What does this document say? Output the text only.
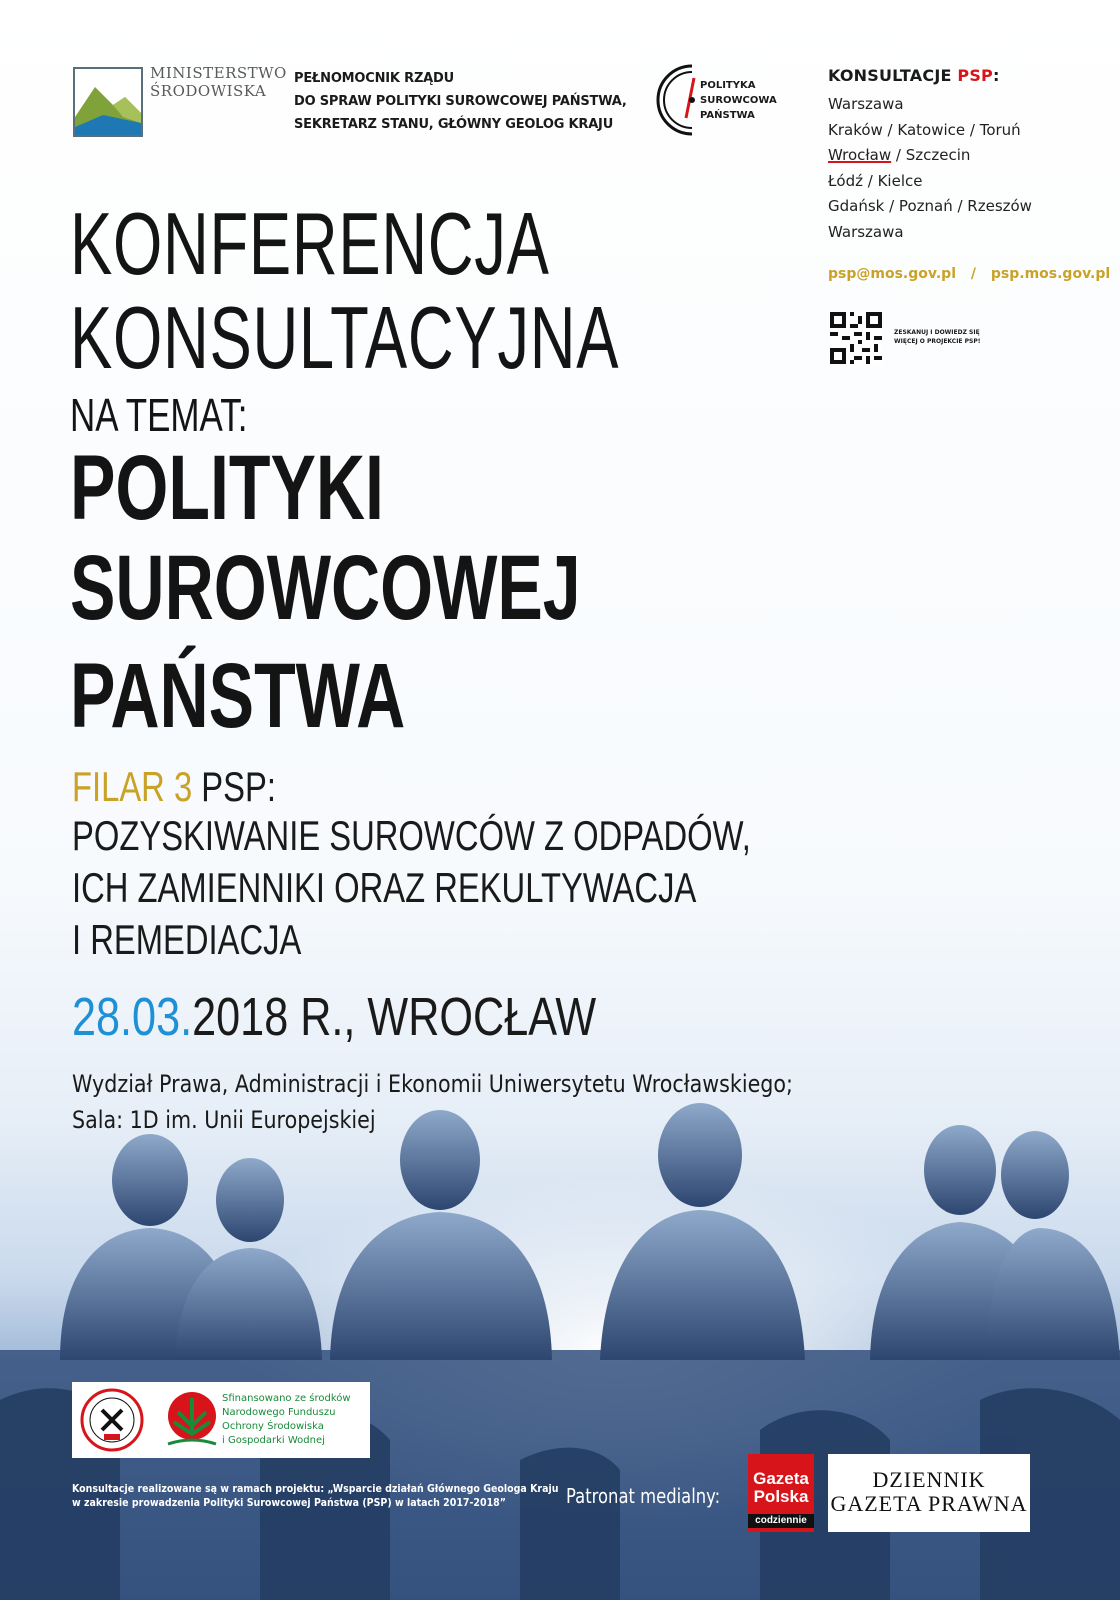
MINISTERSTWO
ŚRODOWISKA
PEŁNOMOCNIK RZĄDU
DO SPRAW POLITYKI SUROWCOWEJ PAŃSTWA,
SEKRETARZ STANU, GŁÓWNY GEOLOG KRAJU
POLITYKA
SUROWCOWA
PAŃSTWA
KONSULTACJE PSP:
Warszawa
Kraków / Katowice / Toruń
Wrocław / Szczecin
Łódź / Kielce
Gdańsk / Poznań / Rzeszów
Warszawa
psp@mos.gov.pl / psp.mos.gov.pl
ZESKANUJ I DOWIEDZ SIĘ WIĘCEJ O PROJEKCIE PSP!
KONFERENCJA
KONSULTACYJNA
NA TEMAT:
POLITYKI
SUROWCOWEJ
PAŃSTWA
FILAR 3 PSP:
POZYSKIWANIE SUROWCÓW Z ODPADÓW,
ICH ZAMIENNIKI ORAZ REKULTYWACJA
I REMEDIACJA
28.03.2018 R., WROCŁAW
Wydział Prawa, Administracji i Ekonomii Uniwersytetu Wrocławskiego;
Sfinansowano ze środków
Narodowego Funduszu
Ochrony Środowiska
i Gospodarki Wodnej
Konsultacje realizowane są w ramach projektu: „Wsparcie działań Głównego Geologa Kraju
w zakresie prowadzenia Polityki Surowcowej Państwa (PSP) w latach 2017-2018”	Patronat medialny:
Gazeta
Polska
codziennie
DZIENNIK
GAZETA PRAWNA
